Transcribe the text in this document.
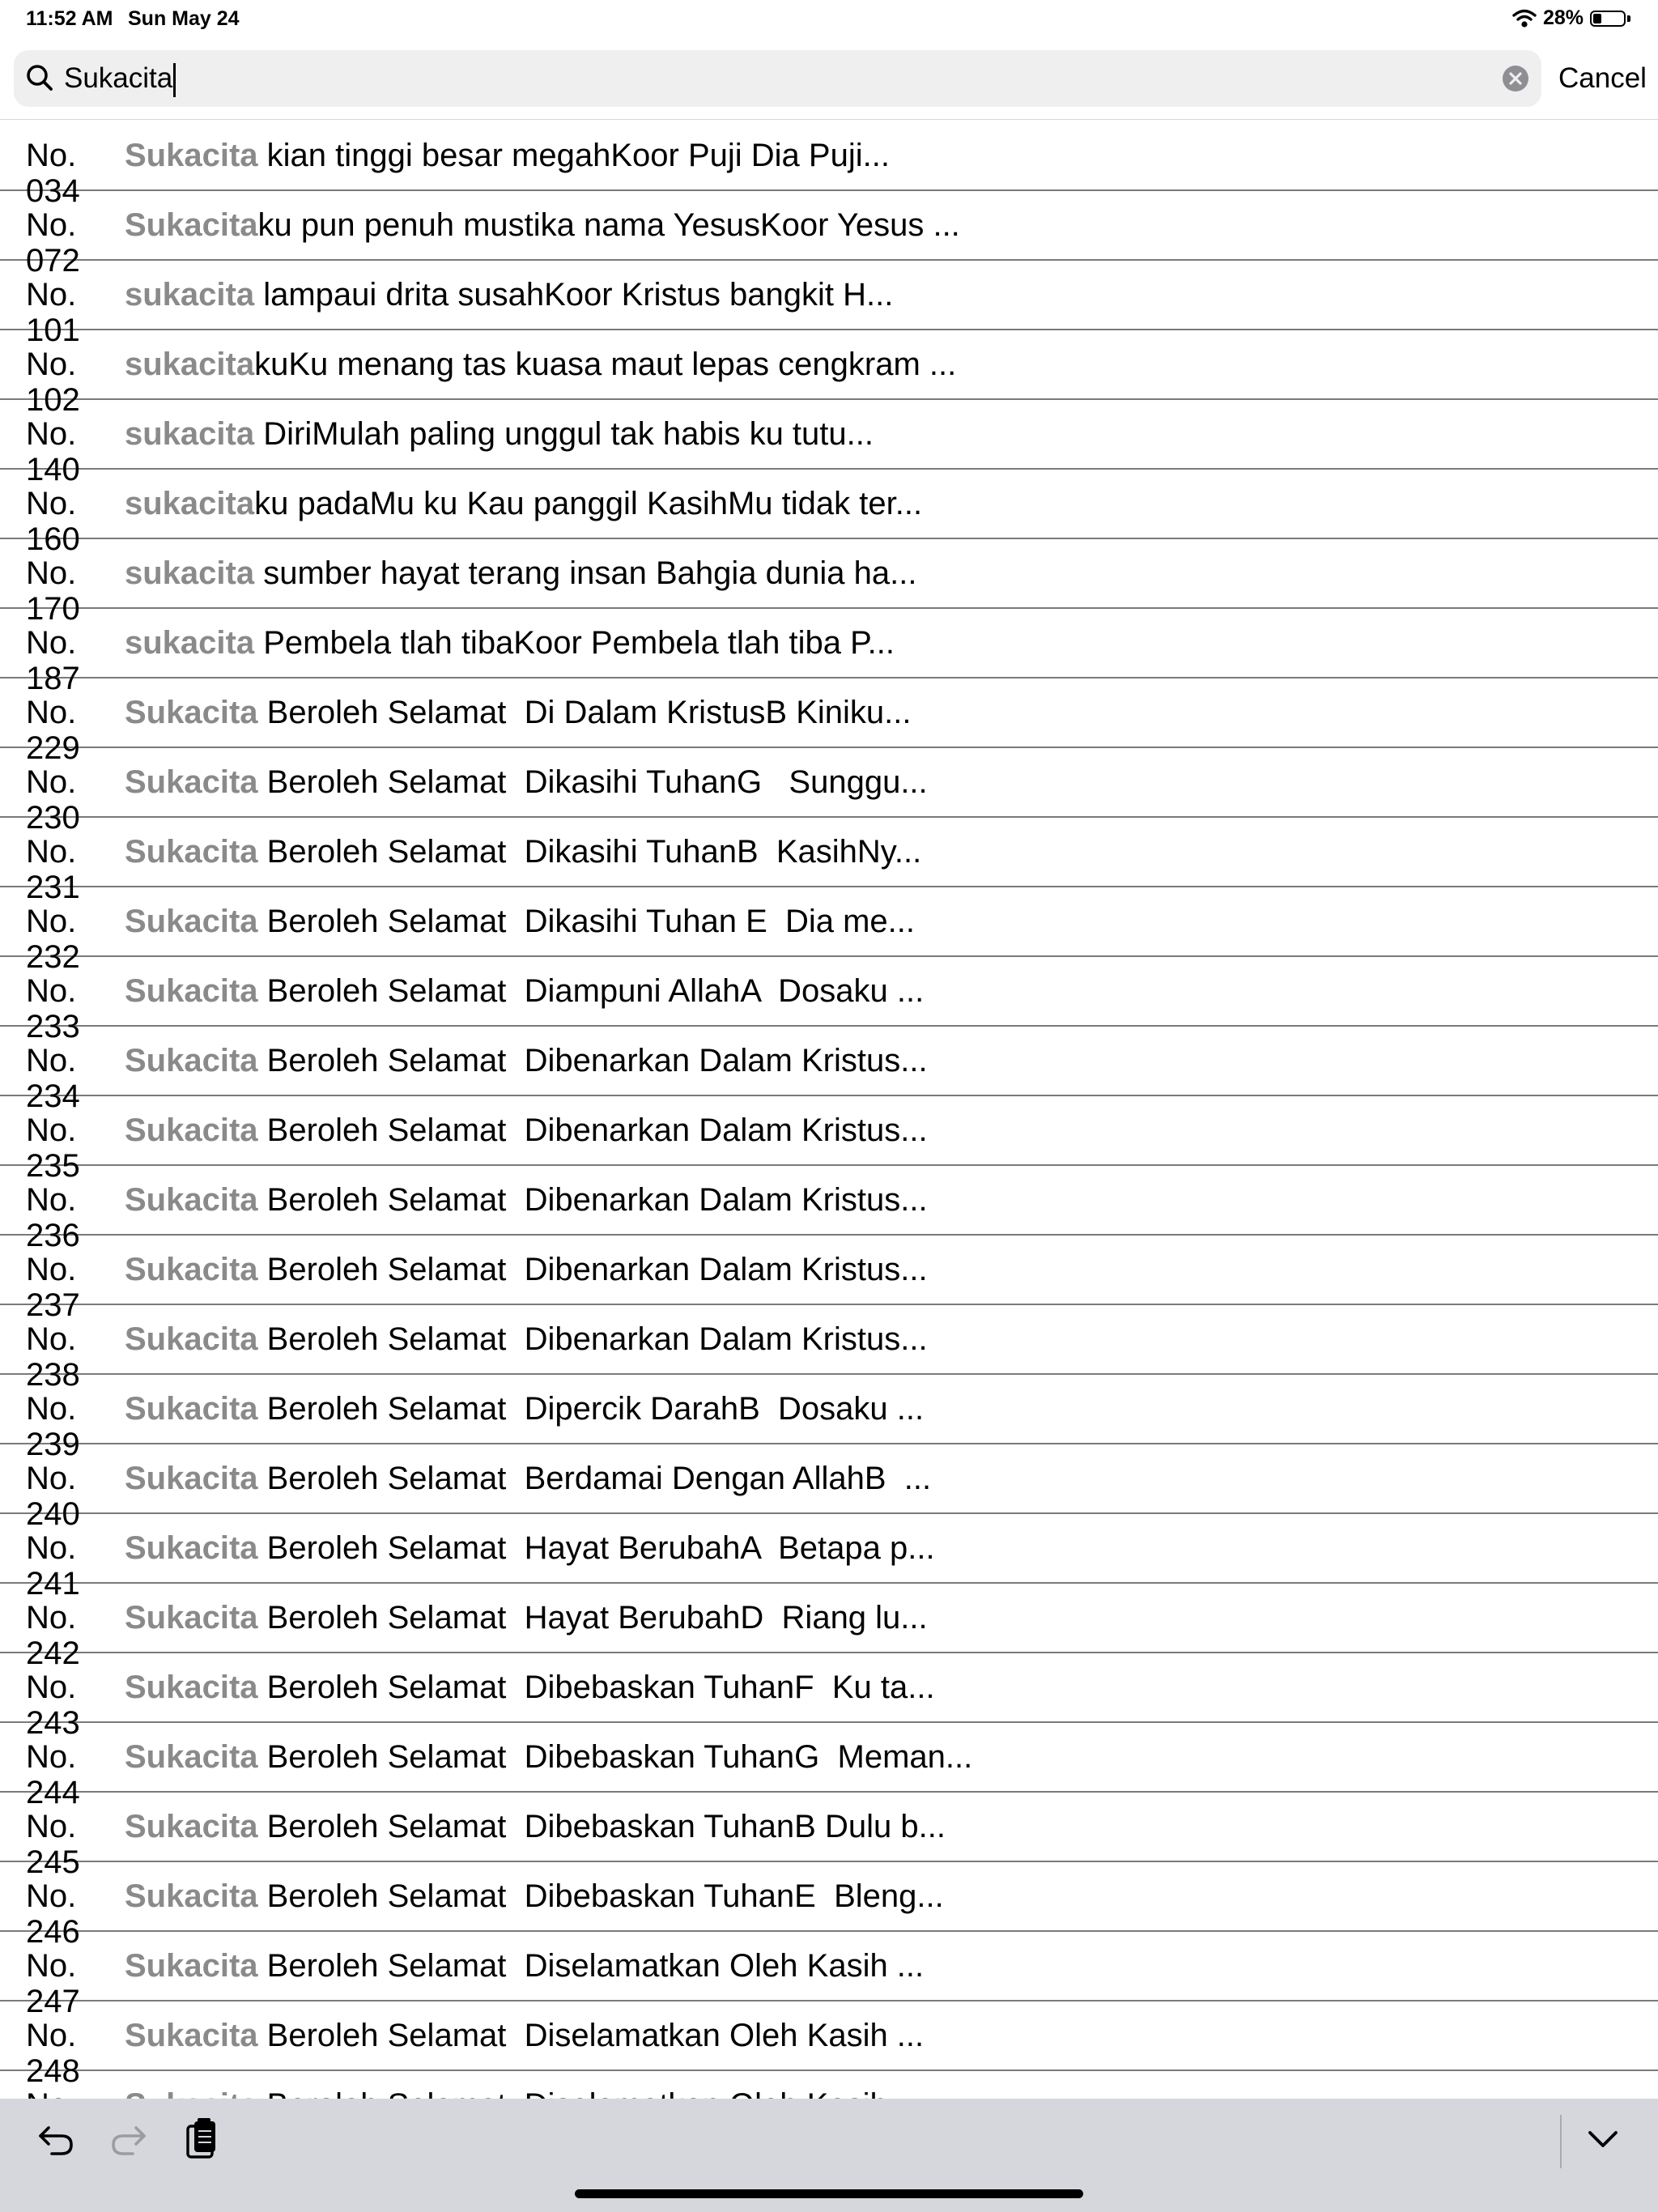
11:52 AM Sun May 24	28%
Sukacita	Cancel
No.
034
Sukacita kian tinggi besar megahKoor Puji Dia Puji...
No.
072
Sukacitaku pun penuh mustika nama YesusKoor Yesus ...
No.
101
sukacita lampaui drita susahKoor Kristus bangkit H...
No.
102
sukacitakuKu menang tas kuasa maut lepas cengkram ...
No.
140
sukacita DiriMulah paling unggul tak habis ku tutu...
No.
160
sukacitaku padaMu ku Kau panggil KasihMu tidak ter...
No.
170
sukacita sumber hayat terang insan Bahgia dunia ha...
No.
187
sukacita Pembela tlah tibaKoor Pembela tlah tiba P...
No.
229
Sukacita Beroleh Selamat  Di Dalam KristusB Kiniku...
No.
230
Sukacita Beroleh Selamat  Dikasihi TuhanG   Sunggu...
No.
231
Sukacita Beroleh Selamat  Dikasihi TuhanB  KasihNy...
No.
232
Sukacita Beroleh Selamat  Dikasihi Tuhan E  Dia me...
No.
233
Sukacita Beroleh Selamat  Diampuni AllahA  Dosaku ...
No.
234
Sukacita Beroleh Selamat  Dibenarkan Dalam Kristus...
No.
235
Sukacita Beroleh Selamat  Dibenarkan Dalam Kristus...
No.
236
Sukacita Beroleh Selamat  Dibenarkan Dalam Kristus...
No.
237
Sukacita Beroleh Selamat  Dibenarkan Dalam Kristus...
No.
238
Sukacita Beroleh Selamat  Dibenarkan Dalam Kristus...
No.
239
Sukacita Beroleh Selamat  Dipercik DarahB  Dosaku ...
No.
240
Sukacita Beroleh Selamat  Berdamai Dengan AllahB  ...
No.
241
Sukacita Beroleh Selamat  Hayat BerubahA  Betapa p...
No.
242
Sukacita Beroleh Selamat  Hayat BerubahD  Riang lu...
No.
243
Sukacita Beroleh Selamat  Dibebaskan TuhanF  Ku ta...
No.
244
Sukacita Beroleh Selamat  Dibebaskan TuhanG  Meman...
No.
245
Sukacita Beroleh Selamat  Dibebaskan TuhanB Dulu b...
No.
246
Sukacita Beroleh Selamat  Dibebaskan TuhanE  Bleng...
No.
247
Sukacita Beroleh Selamat  Diselamatkan Oleh Kasih ...
No.
248
Sukacita Beroleh Selamat  Diselamatkan Oleh Kasih ...
